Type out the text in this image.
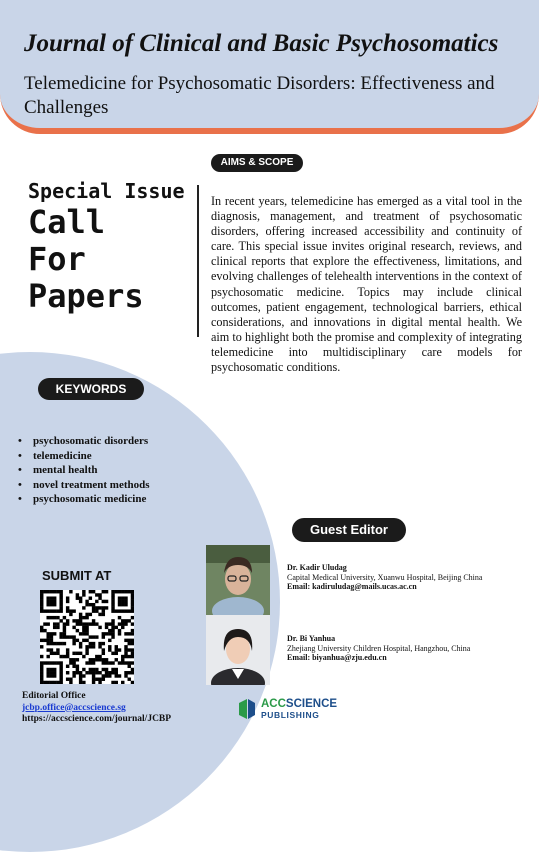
Journal of Clinical and Basic Psychosomatics
Telemedicine for Psychosomatic Disorders: Effectiveness and Challenges
AIMS & SCOPE
Special Issue
Call
For
Papers
In recent years, telemedicine has emerged as a vital tool in the diagnosis, management, and treatment of psychosomatic disorders, offering increased accessibility and continuity of care. This special issue invites original research, reviews, and clinical reports that explore the effectiveness, limitations, and evolving challenges of telehealth interventions in the context of psychosomatic medicine. Topics may include clinical outcomes, patient engagement, technological barriers, ethical considerations, and innovations in digital mental health. We aim to highlight both the promise and complexity of integrating telemedicine into multidisciplinary care models for psychosomatic conditions.
KEYWORDS
• psychosomatic disorders
• telemedicine
• mental health
• novel treatment methods
• psychosomatic medicine
SUBMIT AT
Editorial Office
jcbp.office@accscience.sg
https://accscience.com/journal/JCBP
Guest Editor
Dr. Kadir Uludag
Capital Medical University, Xuanwu Hospital, Beijing China
Email: kadiruludag@mails.ucas.ac.cn
Dr. Bi Yanhua
Zhejiang University Children Hospital, Hangzhou, China
Email: biyanhua@zju.edu.cn
ACCSCIENCE
PUBLISHING
